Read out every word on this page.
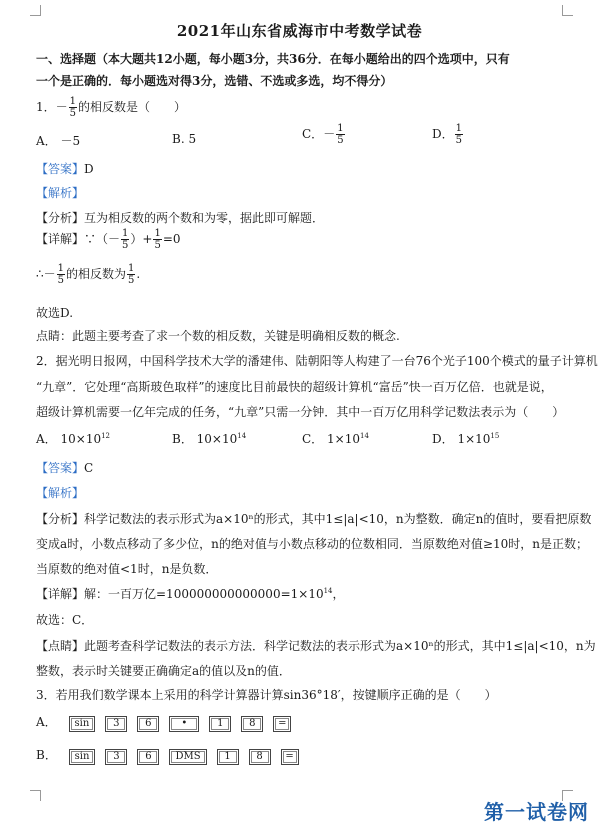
2021年山东省威海市中考数学试卷
一、选择题（本大题共12小题，每小题3分，共36分．在每小题给出的四个选项中，只有
一个是正确的．每小题选对得3分，选错、不选或多选，均不得分）
1．－ $\frac{1}{5}$ 的相反数是（　　）
A． －5	B. 5	C．－ $\frac{1}{5}$	D． $\frac{1}{5}$
【答案】D
【解析】
【分析】互为相反数的两个数和为零，据此即可解题．
【详解】∵（－ $\frac{1}{5}$ ）+ $\frac{1}{5} =0$
∴－ $\frac{1}{5}$ 的相反数为 $\frac{1}{5}$ .
故选D.
点睛：此题主要考查了求一个数的相反数，关键是明确相反数的概念.
2．据光明日报网，中国科学技术大学的潘建伟、陆朝阳等人构建了一台76个光子100个模式的量子计算机
“九章”．它处理“高斯玻色取样”的速度比目前最快的超级计算机“富岳”快一百万亿倍．也就是说，
超级计算机需要一亿年完成的任务，“九章”只需一分钟．其中一百万亿用科学记数法表示为（　　）
A． $10\times 10^{12}$	B． $10\times 10^{14}$	C． $1\times 10^{14}$	D． $1\times 10^{15}$
【答案】C
【解析】
【分析】科学记数法的表示形式为a×10ⁿ的形式，其中1≤|a|<10，n为整数．确定n的值时，要看把原数
变成a时，小数点移动了多少位，n的绝对值与小数点移动的位数相同．当原数绝对值≥10时，n是正数；
当原数的绝对值<1时，n是负数．
【详解】解：一百万亿$=100000000000000=1\times 10^{14}$，
故选：C．
【点睛】此题考查科学记数法的表示方法．科学记数法的表示形式为a×10ⁿ的形式，其中1≤|a|<10，n为
整数，表示时关键要正确确定a的值以及n的值．
3．若用我们数学课本上采用的科学计算器计算sin36°18′，按键顺序正确的是（　　）
A． sin 3	6	•	1	8 =
B． sin 3	6 DMS 1	8 =
第一试卷网
